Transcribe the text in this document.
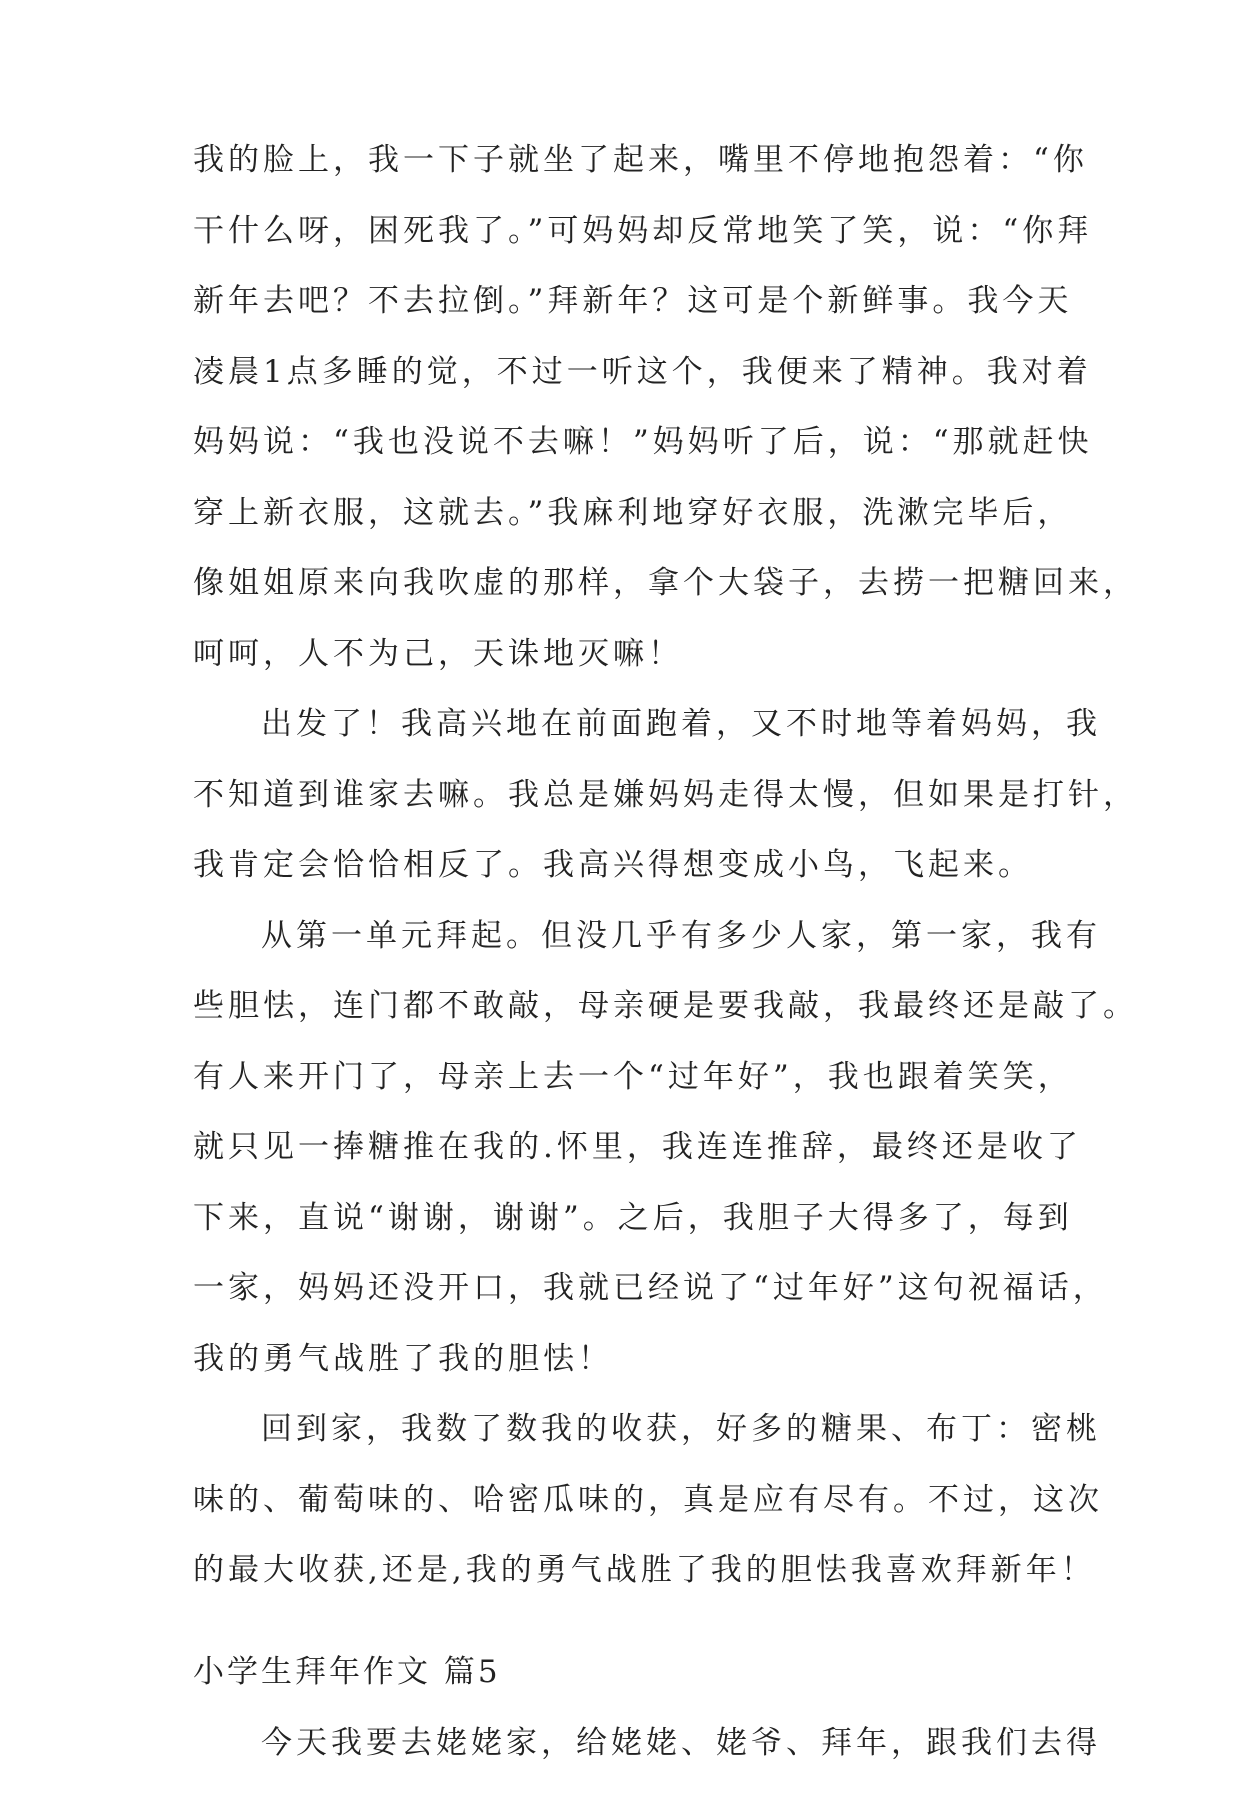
我的脸上，我一下子就坐了起来，嘴里不停地抱怨着：“你
干什么呀，困死我了。”可妈妈却反常地笑了笑，说：“你拜
新年去吧？不去拉倒。”拜新年？这可是个新鲜事。我今天
凌晨1点多睡的觉，不过一听这个，我便来了精神。我对着
妈妈说：“我也没说不去嘛！”妈妈听了后，说：“那就赶快
穿上新衣服，这就去。”我麻利地穿好衣服，洗漱完毕后，
像姐姐原来向我吹虚的那样，拿个大袋子，去捞一把糖回来，
呵呵，人不为己，天诛地灭嘛！
出发了！我高兴地在前面跑着，又不时地等着妈妈，我
不知道到谁家去嘛。我总是嫌妈妈走得太慢，但如果是打针，
我肯定会恰恰相反了。我高兴得想变成小鸟，飞起来。
从第一单元拜起。但没几乎有多少人家，第一家，我有
些胆怯，连门都不敢敲，母亲硬是要我敲，我最终还是敲了。
有人来开门了，母亲上去一个“过年好”，我也跟着笑笑，
就只见一捧糖推在我的.怀里，我连连推辞，最终还是收了
下来，直说“谢谢，谢谢”。之后，我胆子大得多了，每到
一家，妈妈还没开口，我就已经说了“过年好”这句祝福话，
我的勇气战胜了我的胆怯！
回到家，我数了数我的收获，好多的糖果、布丁：密桃
味的、葡萄味的、哈密瓜味的，真是应有尽有。不过，这次
的最大收获,还是,我的勇气战胜了我的胆怯我喜欢拜新年！
小学生拜年作文 篇5
今天我要去姥姥家，给姥姥、姥爷、拜年，跟我们去得
